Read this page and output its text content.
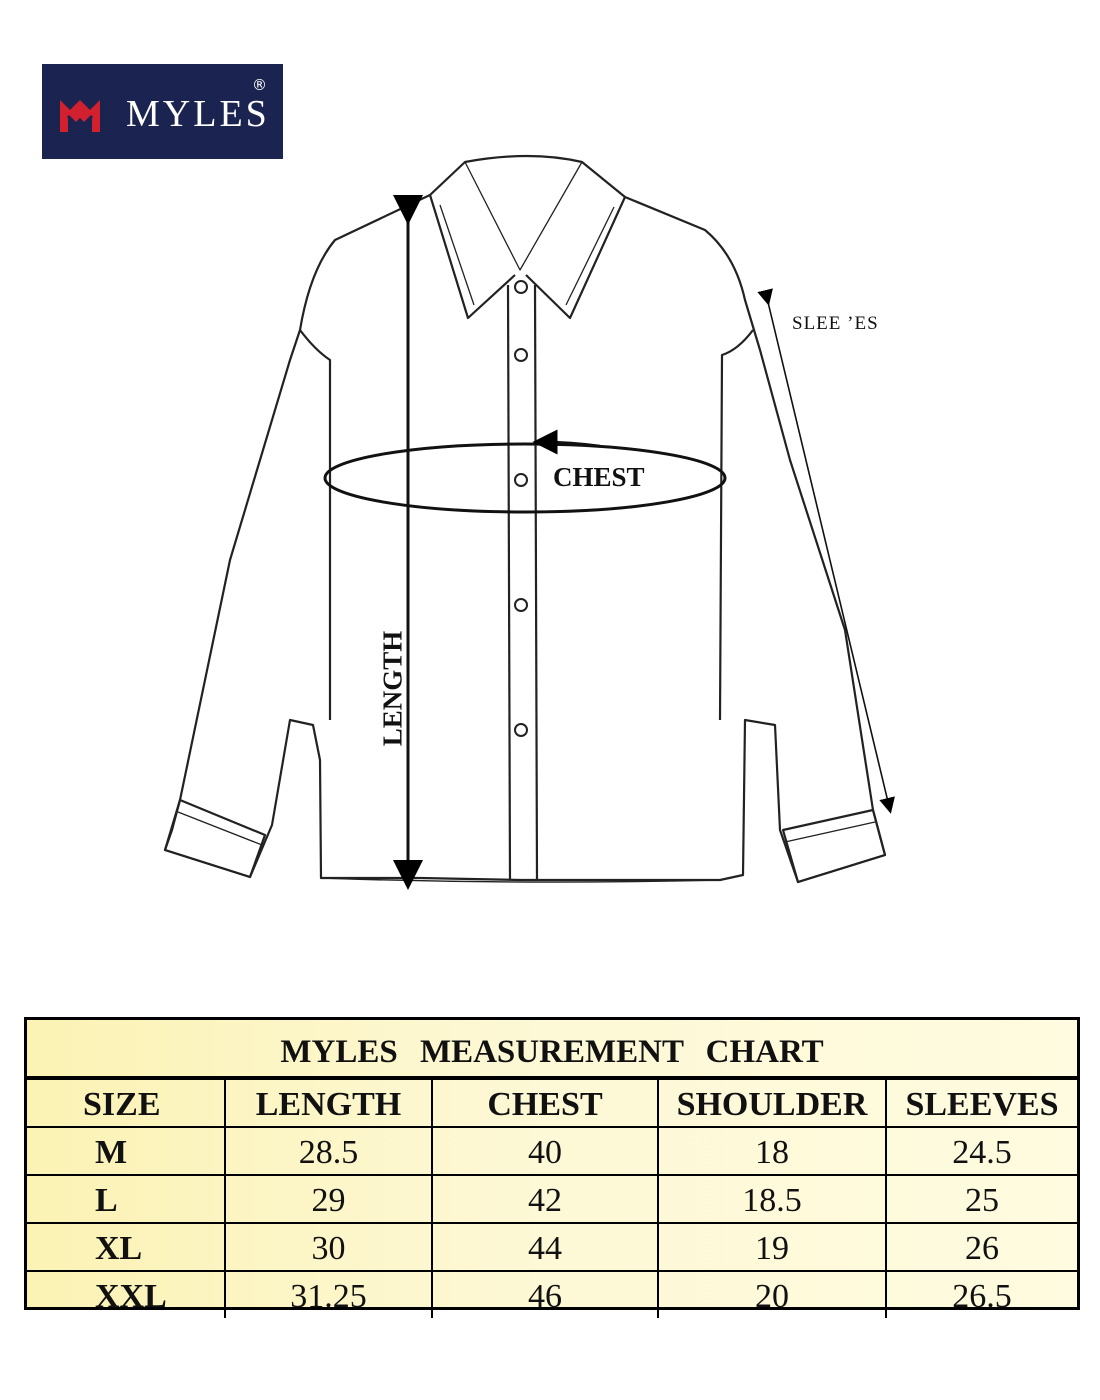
MYLES
®
CHEST
LENGTH
SLEE ’ES
MYLES MEASUREMENT CHART
SIZE	LENGTH	CHEST	SHOULDER	SLEEVES
M	28.5	40	18	24.5
L	29	42	18.5	25
XL	30	44	19	26
XXL	31.25	46	20	26.5
